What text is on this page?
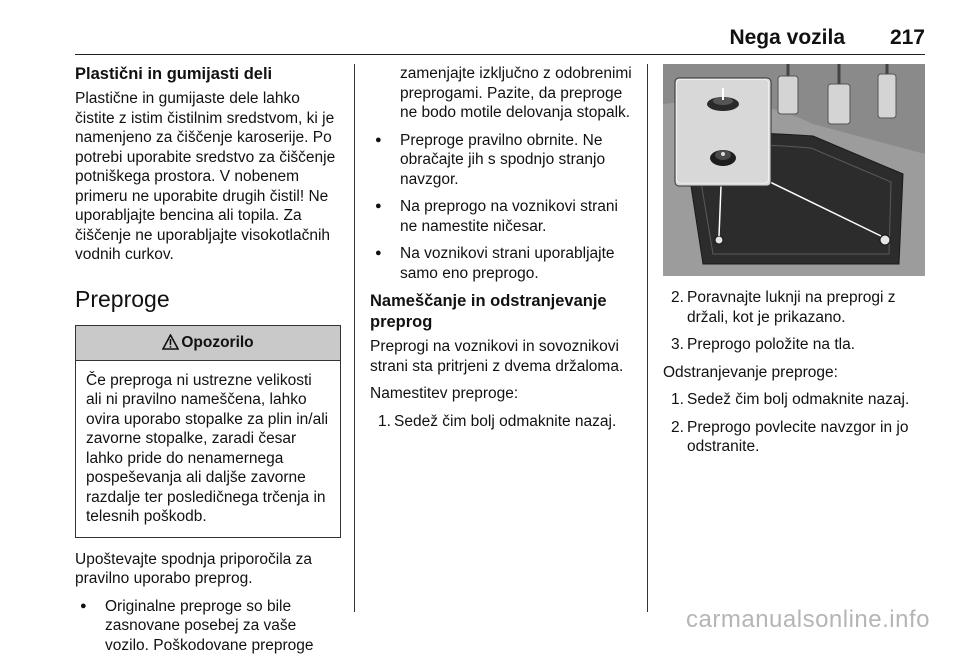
Nega vozila 217
Plastični in gumijasti deli

Plastične in gumijaste dele lahko čistite z istim čistilnim sredstvom, ki je namenjeno za čiščenje karoserije. Po potrebi uporabite sredstvo za čiščenje potniškega prostora. V nobenem primeru ne uporabite drugih čistil! Ne uporabljajte bencina ali topila. Za čiščenje ne uporabljajte visokotlačnih vodnih curkov.

Preproge
Opozorilo
Če preproga ni ustrezne velikosti ali ni pravilno nameščena, lahko ovira uporabo stopalke za plin in/ali zavorne stopalke, zaradi česar lahko pride do nenamernega pospeševanja ali daljše zavorne razdalje ter posledičnega trčenja in telesnih poškodb.

Upoštevajte spodnja priporočila za pravilno uporabo preprog.

● Originalne preproge so bile zasnovane posebej za vaše vozilo. Poškodovane preproge

zamenjajte izključno z odobrenimi preprogami. Pazite, da preproge ne bodo motile delovanja stopalk.

● Preproge pravilno obrnite. Ne obračajte jih s spodnjo stranjo navzgor.
● Na preprogo na voznikovi strani ne namestite ničesar.
● Na voznikovi strani uporabljajte samo eno preprogo.
Nameščanje in odstranjevanje preprog

Preprogi na voznikovi in sovoznikovi strani sta pritrjeni z dvema držaloma.

Namestitev preproge:

1. Sedež čim bolj odmaknite nazaj.
2. Poravnajte luknji na preprogi z držali, kot je prikazano.
3. Preprogo položite na tla.

Odstranjevanje preproge:

1. Sedež čim bolj odmaknite nazaj.
2. Preprogo povlecite navzgor in jo odstranite.
carmanualsonline.info
